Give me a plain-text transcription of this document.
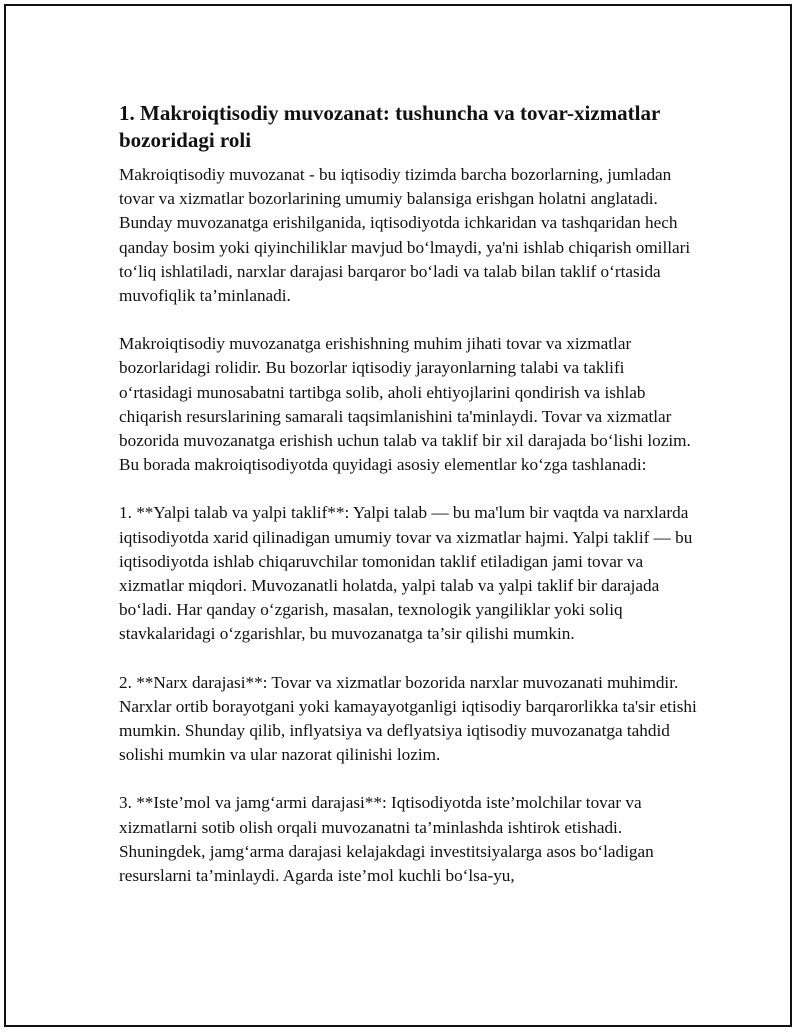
1. Makroiqtisodiy muvozanat: tushuncha va tovar-xizmatlar bozoridagi roli

Makroiqtisodiy muvozanat - bu iqtisodiy tizimda barcha bozorlarning, jumladan tovar va xizmatlar bozorlarining umumiy balansiga erishgan holatni anglatadi. Bunday muvozanatga erishilganida, iqtisodiyotda ichkaridan va tashqaridan hech qanday bosim yoki qiyinchiliklar mavjud bo‘lmaydi, ya'ni ishlab chiqarish omillari to‘liq ishlatiladi, narxlar darajasi barqaror bo‘ladi va talab bilan taklif o‘rtasida muvofiqlik ta’minlanadi.

Makroiqtisodiy muvozanatga erishishning muhim jihati tovar va xizmatlar bozorlaridagi rolidir. Bu bozorlar iqtisodiy jarayonlarning talabi va taklifi o‘rtasidagi munosabatni tartibga solib, aholi ehtiyojlarini qondirish va ishlab chiqarish resurslarining samarali taqsimlanishini ta'minlaydi. Tovar va xizmatlar bozorida muvozanatga erishish uchun talab va taklif bir xil darajada bo‘lishi lozim. Bu borada makroiqtisodiyotda quyidagi asosiy elementlar ko‘zga tashlanadi:

1. **Yalpi talab va yalpi taklif**: Yalpi talab — bu ma'lum bir vaqtda va narxlarda iqtisodiyotda xarid qilinadigan umumiy tovar va xizmatlar hajmi. Yalpi taklif — bu iqtisodiyotda ishlab chiqaruvchilar tomonidan taklif etiladigan jami tovar va xizmatlar miqdori. Muvozanatli holatda, yalpi talab va yalpi taklif bir darajada bo‘ladi. Har qanday o‘zgarish, masalan, texnologik yangiliklar yoki soliq stavkalaridagi o‘zgarishlar, bu muvozanatga ta’sir qilishi mumkin.

2. **Narx darajasi**: Tovar va xizmatlar bozorida narxlar muvozanati muhimdir. Narxlar ortib borayotgani yoki kamayayotganligi iqtisodiy barqarorlikka ta'sir etishi mumkin. Shunday qilib, inflyatsiya va deflyatsiya iqtisodiy muvozanatga tahdid solishi mumkin va ular nazorat qilinishi lozim.

3. **Iste’mol va jamg‘armi darajasi**: Iqtisodiyotda iste’molchilar tovar va xizmatlarni sotib olish orqali muvozanatni ta’minlashda ishtirok etishadi. Shuningdek, jamg‘arma darajasi kelajakdagi investitsiyalarga asos bo‘ladigan resurslarni ta’minlaydi. Agarda iste’mol kuchli bo‘lsa-yu,
